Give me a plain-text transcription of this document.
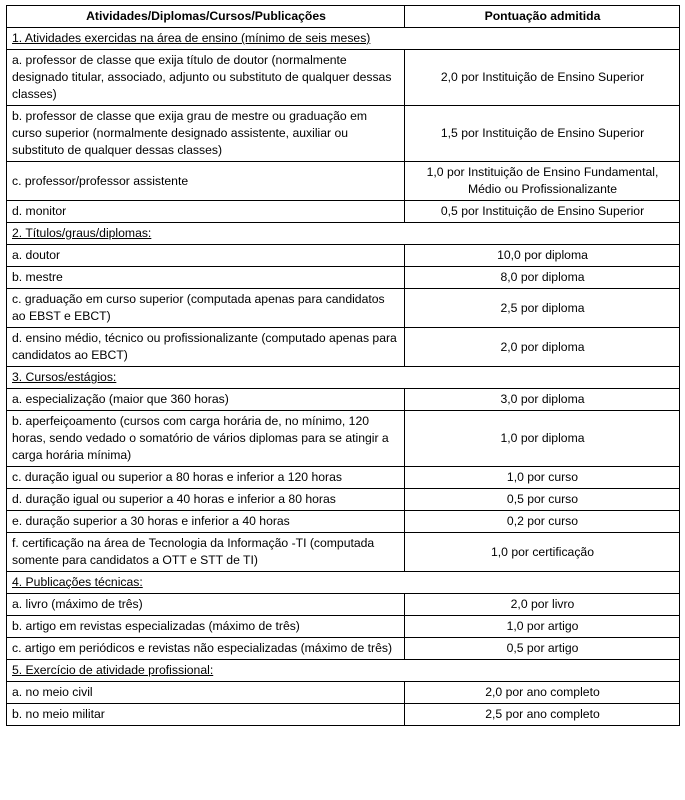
Atividades/Diplomas/Cursos/Publicações	Pontuação admitida
1. Atividades exercidas na área de ensino (mínimo de seis meses)	
a. professor de classe que exija título de doutor (normalmente designado titular, associado, adjunto ou substituto de qualquer dessas classes)	2,0 por Instituição de Ensino Superior
b. professor de classe que exija grau de mestre ou graduação em curso superior (normalmente designado assistente, auxiliar ou substituto de qualquer dessas classes)	1,5 por Instituição de Ensino Superior
c. professor/professor assistente	1,0 por Instituição de Ensino Fundamental, Médio ou Profissionalizante
d. monitor	0,5 por Instituição de Ensino Superior
2. Títulos/graus/diplomas:	
a. doutor	10,0 por diploma
b. mestre	8,0 por diploma
c. graduação em curso superior (computada apenas para candidatos ao EBST e EBCT)	2,5 por diploma
d. ensino médio, técnico ou profissionalizante (computado apenas para candidatos ao EBCT)	2,0 por diploma
3. Cursos/estágios:	
a. especialização (maior que 360 horas)	3,0 por diploma
b. aperfeiçoamento (cursos com carga horária de, no mínimo, 120 horas, sendo vedado o somatório de vários diplomas para se atingir a carga horária mínima)	1,0 por diploma
c. duração igual ou superior a 80 horas e inferior a 120 horas	1,0 por curso
d. duração igual ou superior a 40 horas e inferior a 80 horas	0,5 por curso
e. duração superior a 30 horas e inferior a 40 horas	0,2 por curso
f. certificação na área de Tecnologia da Informação -TI (computada somente para candidatos a OTT e STT de TI)	1,0 por certificação
4. Publicações técnicas:	
a. livro (máximo de três)	2,0 por livro
b. artigo em revistas especializadas (máximo de três)	1,0 por artigo
c. artigo em periódicos e revistas não especializadas (máximo de três)	0,5 por artigo
5. Exercício de atividade profissional:	
a. no meio civil	2,0 por ano completo
b. no meio militar	2,5 por ano completo
